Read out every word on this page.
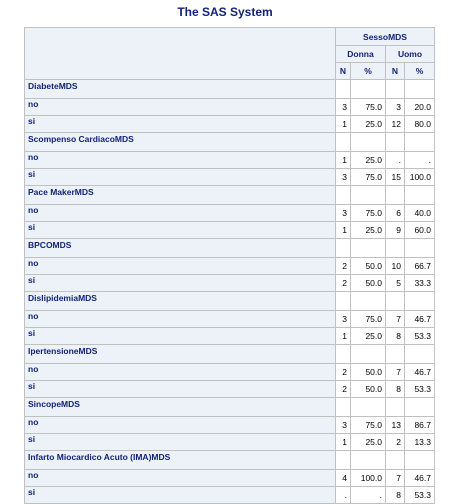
The SAS System
	SessoMDS			
	Donna		Uomo	
	N	%	N	%
DiabeteMDS				
no	3	75.0	3	20.0
si	1	25.0	12	80.0
Scompenso CardiacoMDS				
no	1	25.0	.	.
si	3	75.0	15	100.0
Pace MakerMDS				
no	3	75.0	6	40.0
si	1	25.0	9	60.0
BPCOMDS				
no	2	50.0	10	66.7
si	2	50.0	5	33.3
DislipidemiaMDS				
no	3	75.0	7	46.7
si	1	25.0	8	53.3
IpertensioneMDS				
no	2	50.0	7	46.7
si	2	50.0	8	53.3
SincopeMDS				
no	3	75.0	13	86.7
si	1	25.0	2	13.3
Infarto Miocardico Acuto (IMA)MDS				
no	4	100.0	7	46.7
si	.	.	8	53.3
